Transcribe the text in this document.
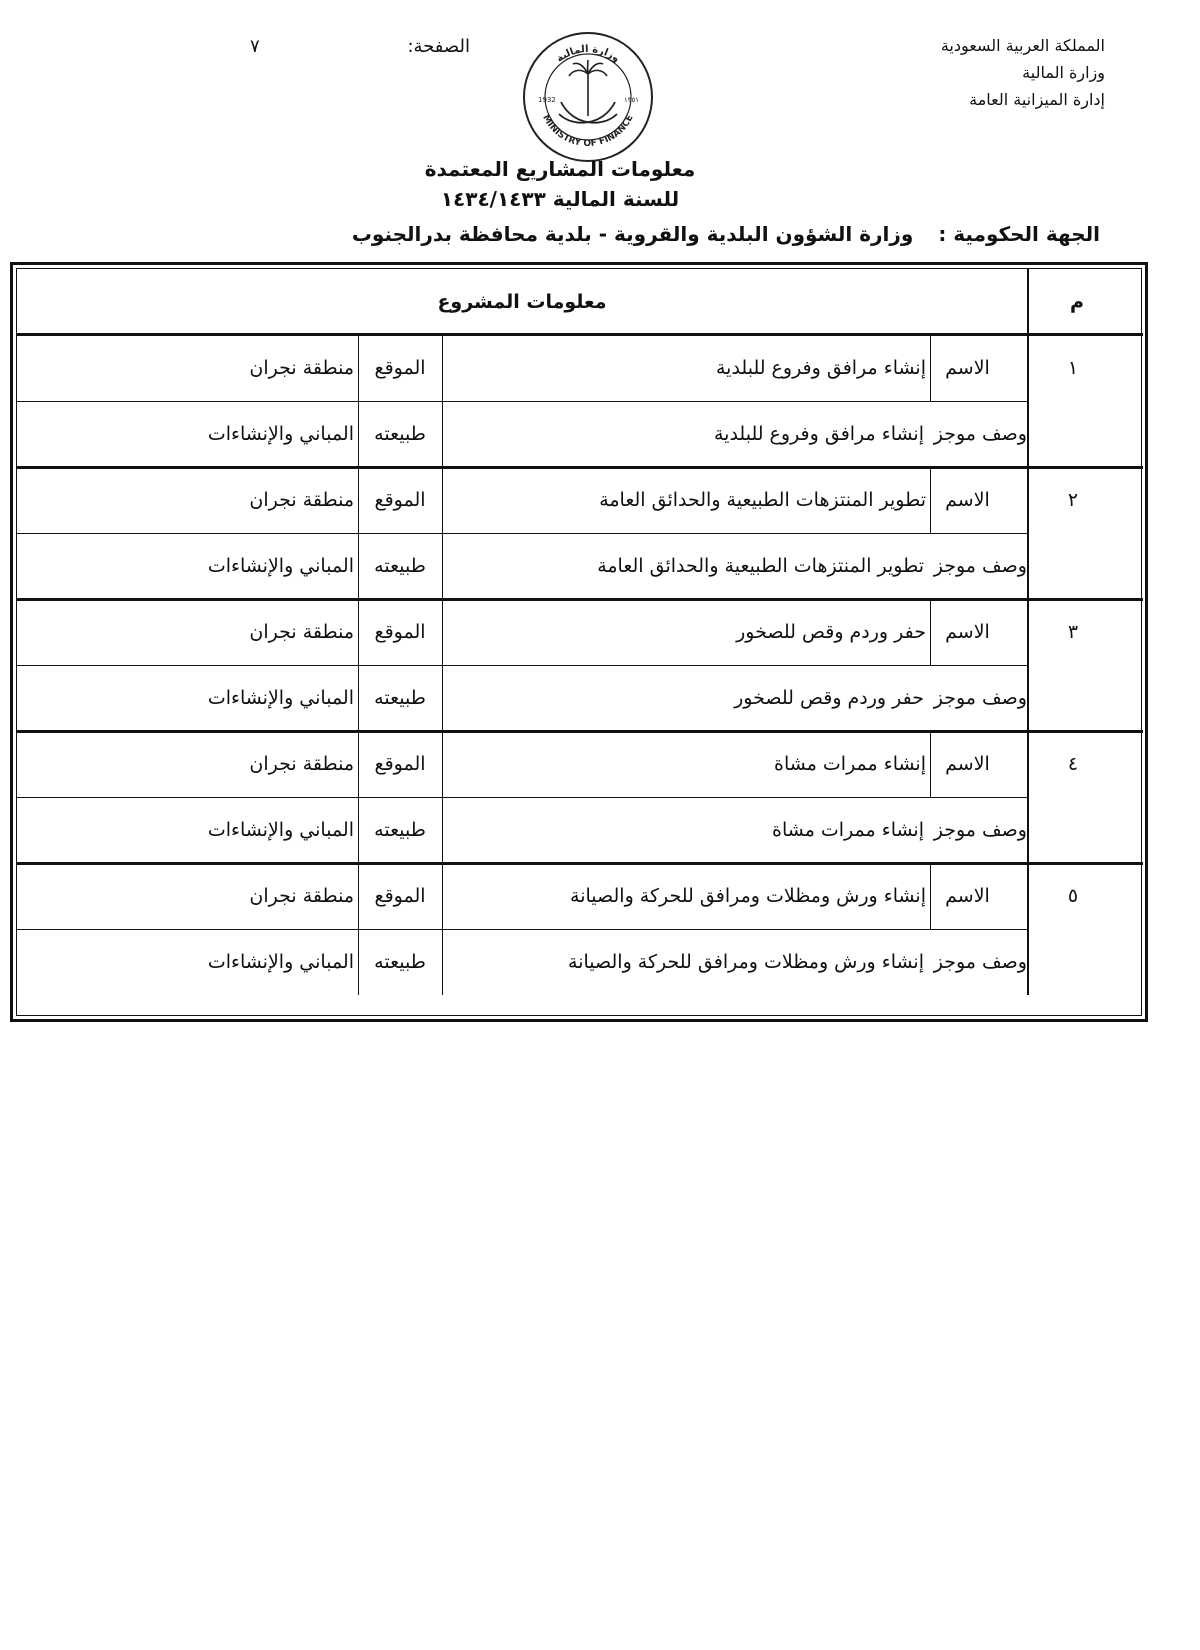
المملكة العربية السعودية
وزارة المالية
إدارة الميزانية العامة
الصفحة:
٧
وزارة المالية
MINISTRY OF FINANCE
1932	١٣٥١
معلومات المشاريع المعتمدة
للسنة المالية ١٤٣٤/١٤٣٣
الجهة الحكومية : وزارة الشؤون البلدية والقروية - بلدية محافظة بدرالجنوب
م
معلومات المشروع
١
الاسم
إنشاء مرافق وفروع للبلدية
الموقع
منطقة نجران
وصف موجز
إنشاء مرافق وفروع للبلدية
طبيعته
المباني والإنشاءات
٢
الاسم
تطوير المنتزهات الطبيعية والحدائق العامة
الموقع
منطقة نجران
وصف موجز
تطوير المنتزهات الطبيعية والحدائق العامة
طبيعته
المباني والإنشاءات
٣
الاسم
حفر وردم وقص للصخور
الموقع
منطقة نجران
وصف موجز
حفر وردم وقص للصخور
طبيعته
المباني والإنشاءات
٤
الاسم
إنشاء ممرات مشاة
الموقع
منطقة نجران
وصف موجز
إنشاء ممرات مشاة
طبيعته
المباني والإنشاءات
٥
الاسم
إنشاء ورش ومظلات ومرافق للحركة والصيانة
الموقع
منطقة نجران
وصف موجز
إنشاء ورش ومظلات ومرافق للحركة والصيانة
طبيعته
المباني والإنشاءات
